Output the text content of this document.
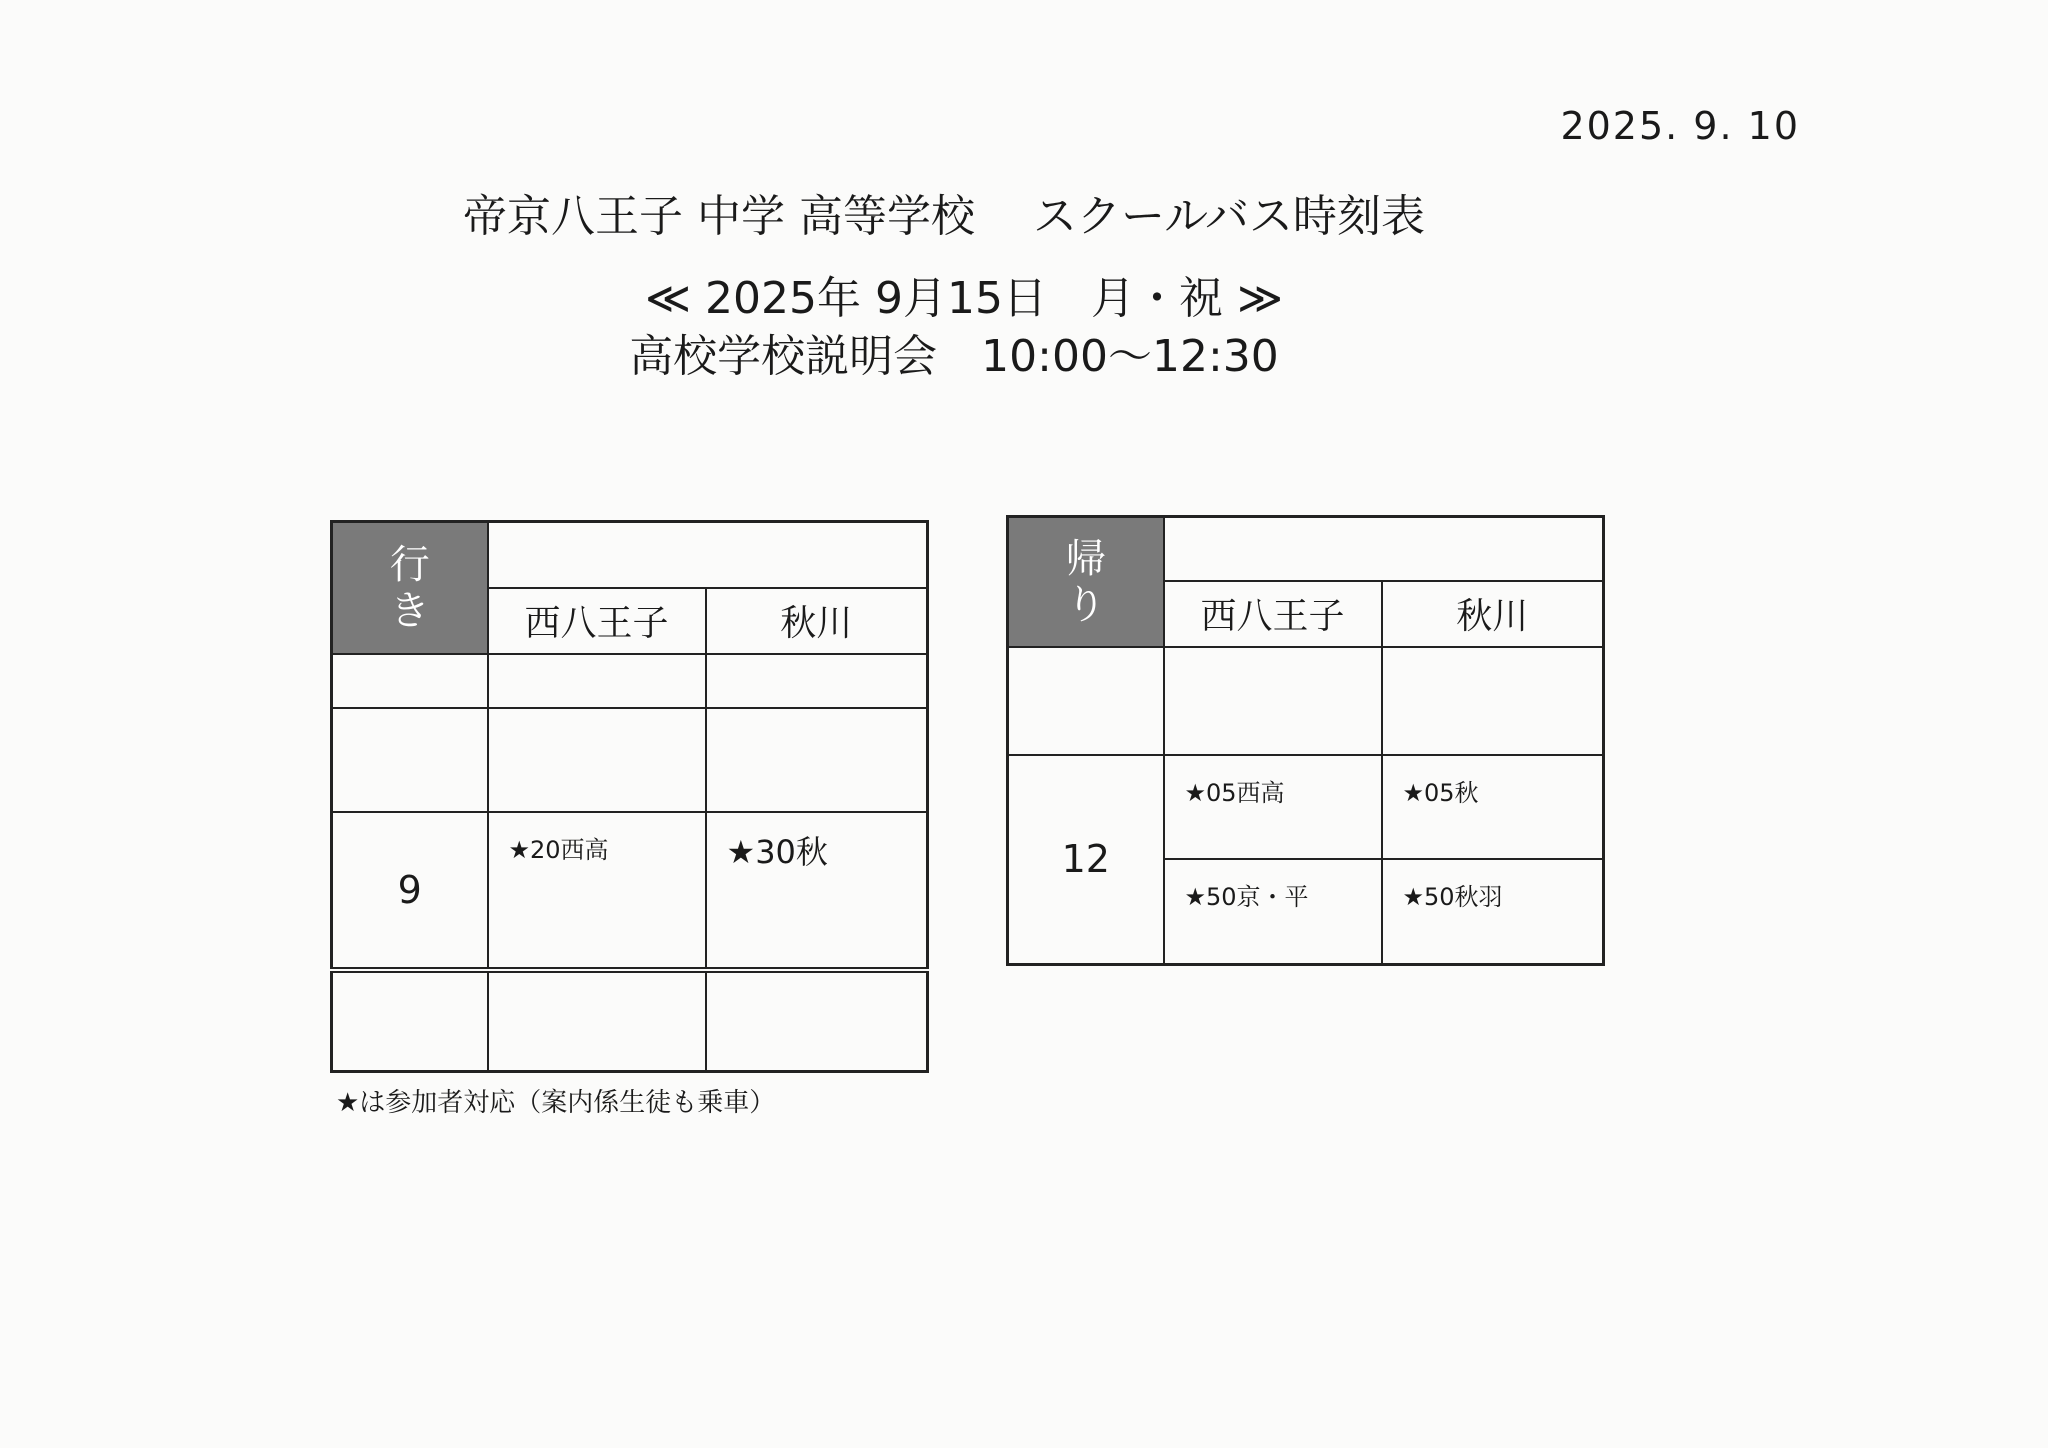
2025. 9. 10
帝京八王子 中学 高等学校　 スクールバス時刻表
≪ 2025年 9月15日　月・祝 ≫
高校学校説明会　10:00〜12:30
行
き		

	西八王子	秋川

9	★20西高	★30秋

帰
り		

	西八王子	秋川

12	★05西高	★05秋
	★50京・平	★50秋羽
★は参加者対応（案内係生徒も乗車）
